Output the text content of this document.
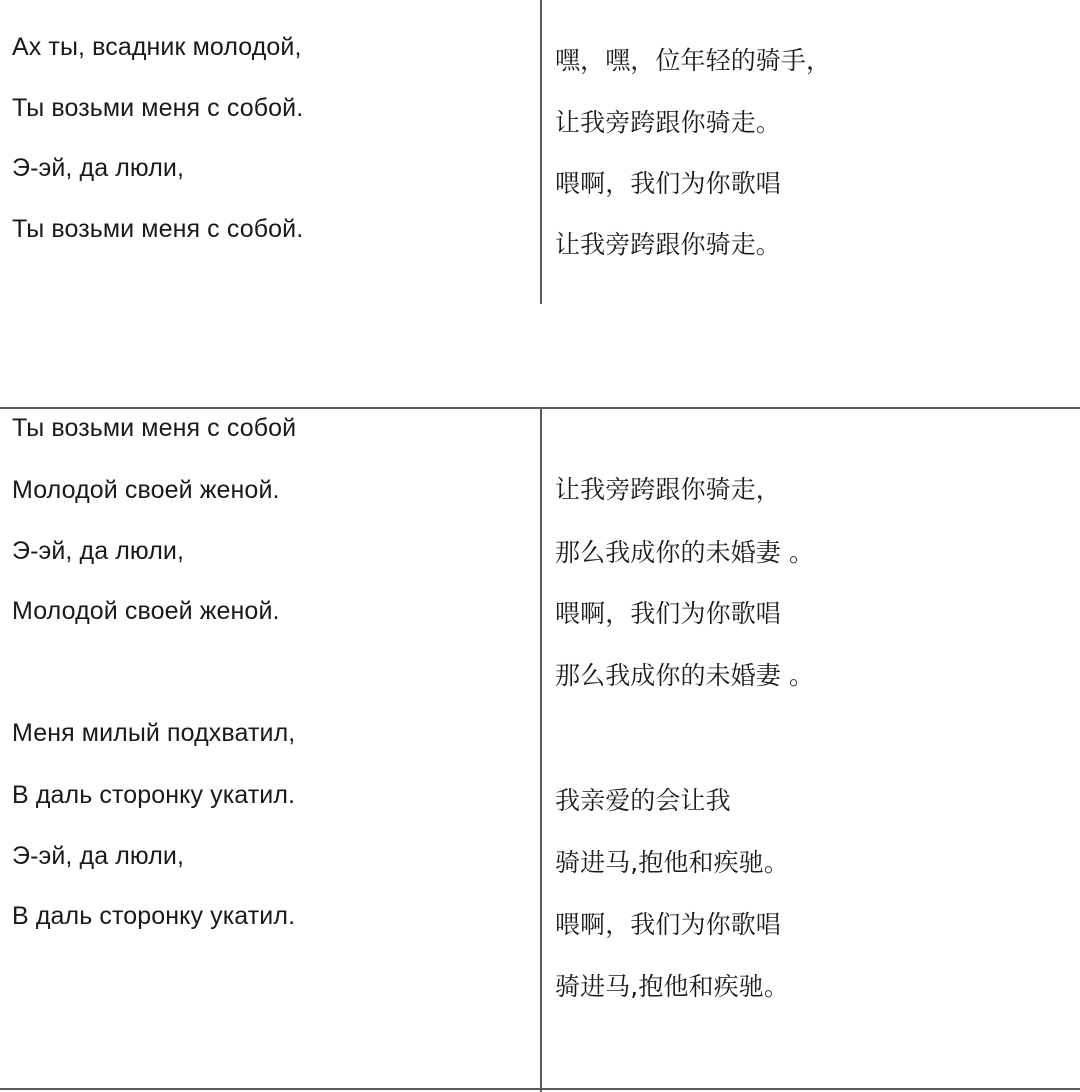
Ах ты, всадник молодой,
Ты возьми меня с собой.
Э-эй, да люли,
Ты возьми меня с собой.
嘿，嘿，位年轻的骑手，
让我旁跨跟你骑走。
喂啊，我们为你歌唱
让我旁跨跟你骑走。
Ты возьми меня с собой
Молодой своей женой.
Э-эй, да люли,
Молодой своей женой.
让我旁跨跟你骑走，
那么我成你的未婚妻 。
喂啊，我们为你歌唱
那么我成你的未婚妻 。
Меня милый подхватил,
В даль сторонку укатил.
Э-эй, да люли,
В даль сторонку укатил.
我亲爱的会让我
骑进马,抱他和疾驰。
喂啊，我们为你歌唱
骑进马,抱他和疾驰。
